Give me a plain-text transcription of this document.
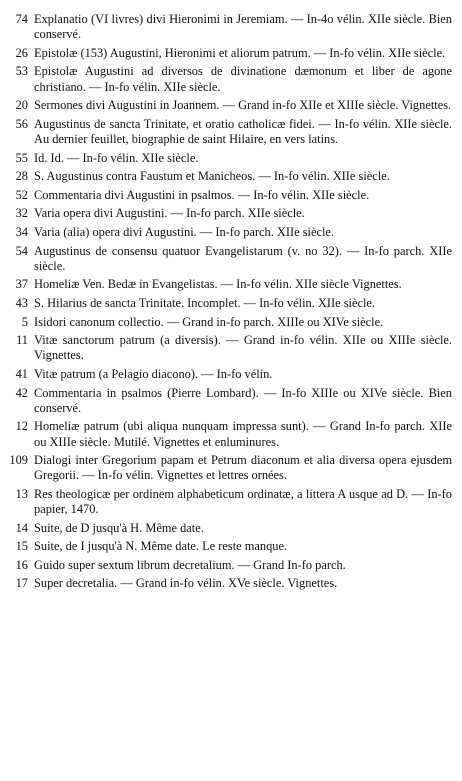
74 Explanatio (VI livres) divi Hieronimi in Jeremiam. — In-4o vélin. XIIe siècle. Bien conservé.
26 Epistolæ (153) Augustini, Hieronimi et aliorum patrum. — In-fo vélin. XIIe siècle.
53 Epistolæ Augustini ad diversos de divinatione dæmonum et liber de agone christiano. — In-fo vélin. XIIe siècle.
20 Sermones divi Augustini in Joannem. — Grand in-fo XIIe et XIIIe siècle. Vignettes.
56 Augustinus de sancta Trinitate, et oratio catholicæ fidei. — In-fo vélin. XIIe siècle. Au dernier feuillet, biographie de saint Hilaire, en vers latins.
55 Id. Id. — In-fo vélin. XIIe siècle.
28 S. Augustinus contra Faustum et Manicheos. — In-fo vélin. XIIe siècle.
52 Commentaria divi Augustini in psalmos. — In-fo vélin. XIIe siècle.
32 Varia opera divi Augustini. — In-fo parch. XIIe siècle.
34 Varia (alia) opera divi Augustini. — In-fo parch. XIIe siècle.
54 Augustinus de consensu quatuor Evangelistarum (v. no 32). — In-fo parch. XIIe siècle.
37 Homeliæ Ven. Bedæ in Evangelistas. — In-fo vélin. XIIe siècle Vignettes.
43 S. Hilarius de sancta Trinitate. Incomplet. — In-fo vélin. XIIe siècle.
5 Isidori canonum collectio. — Grand in-fo parch. XIIIe ou XIVe siècle.
11 Vitæ sanctorum patrum (a diversis). — Grand in-fo vélin. XIIe ou XIIIe siècle. Vignettes.
41 Vitæ patrum (a Pelagio diacono). — In-fo vélin.
42 Commentaria in psalmos (Pierre Lombard). — In-fo XIIIe ou XIVe siècle. Bien conservé.
12 Homeliæ patrum (ubi aliqua nunquam impressa sunt). — Grand In-fo parch. XIIe ou XIIIe siècle. Mutilé. Vignettes et enluminures.
109 Dialogi inter Gregorium papam et Petrum diaconum et alia diversa opera ejusdem Gregorii. — In-fo vélin. Vignettes et lettres ornées.
13 Res theologicæ per ordinem alphabeticum ordinatæ, a littera A usque ad D. — In-fo papier, 1470.
14 Suite, de D jusqu'à H. Même date.
15 Suite, de I jusqu'à N. Même date. Le reste manque.
16 Guido super sextum librum decretalium. — Grand In-fo parch.
17 Super decretalia. — Grand in-fo vélin. XVe siècle. Vignettes.
